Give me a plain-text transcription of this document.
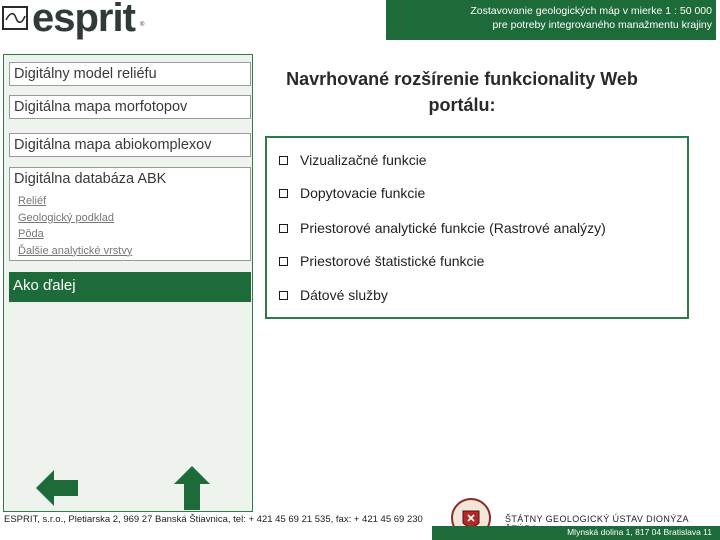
esprit ®
Zostavovanie geologických máp v mierke 1 : 50 000
pre potreby integrovaného manažmentu krajiny
Digitálny model reliéfu
Digitálna mapa morfotopov
Digitálna mapa abiokomplexov
Digitálna databáza ABK
Reliéf
Geologický podklad
Pôda
Ďalšie analytické vrstvy
Ako ďalej
Navrhované rozšírenie funkcionality Web
portálu:
Vizualizačné funkcie
Dopytovacie funkcie
Priestorové analytické funkcie (Rastrové analýzy)
Priestorové štatistické funkcie
Dátové služby
ESPRIT, s.r.o., Pletiarska 2, 969 27 Banská Štiavnica, tel: + 421 45 69 21 535, fax: + 421 45 69 230	ŠTÁTNY GEOLOGICKÝ ÚSTAV DIONÝZA
Mlynská dolina 1, 817 04 Bratislava 11
